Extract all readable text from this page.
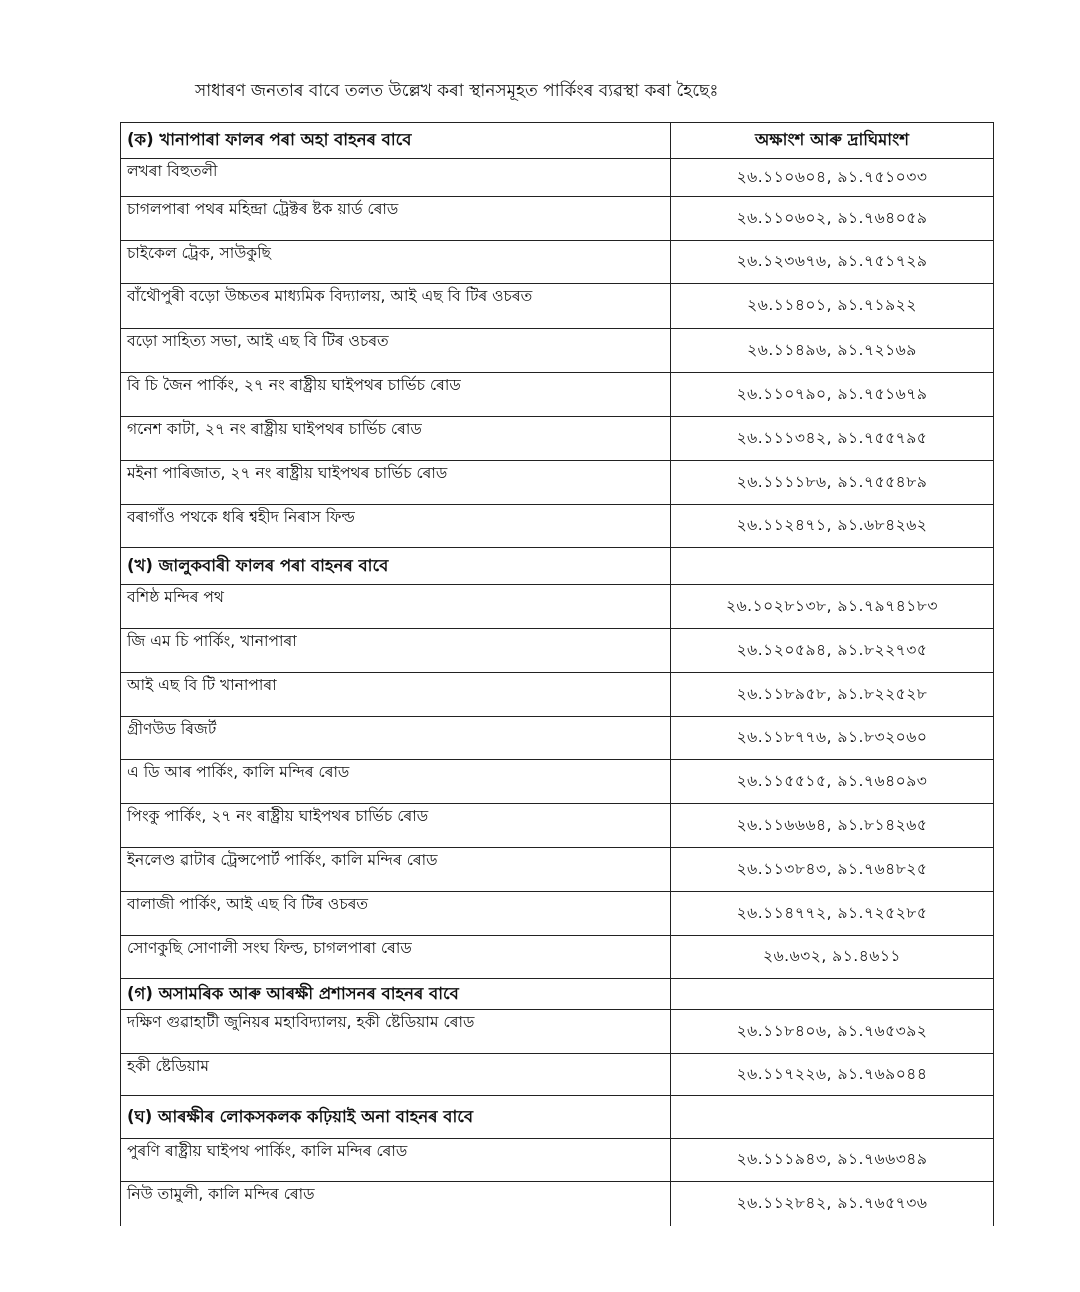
সাধাৰণ জনতাৰ বাবে তলত উল্লেখ কৰা স্থানসমূহত পাৰ্কিংৰ ব্যৱস্থা কৰা হৈছেঃ
(ক) খানাপাৰা ফালৰ পৰা অহা বাহনৰ বাবে	অক্ষাংশ আৰু দ্ৰাঘিমাংশ
লখৰা বিহুতলী	২৬.১১০৬০৪, ৯১.৭৫১০৩৩
চাগলপাৰা পথৰ মহিন্দ্ৰা ট্ৰেক্টৰ ষ্টক য়াৰ্ড ৰোড	২৬.১১০৬০২, ৯১.৭৬৪০৫৯
চাইকেল ট্ৰেক, সাউকুছি	২৬.১২৩৬৭৬, ৯১.৭৫১৭২৯
বাঁথৌপুৰী বড়ো উচ্চতৰ মাধ্যমিক বিদ্যালয়, আই এছ বি টিৰ ওচৰত	২৬.১১৪০১, ৯১.৭১৯২২
বড়ো সাহিত্য সভা, আই এছ বি টিৰ ওচৰত	২৬.১১৪৯৬, ৯১.৭২১৬৯
বি চি জৈন পাৰ্কিং, ২৭ নং ৰাষ্ট্ৰীয় ঘাইপথৰ চাৰ্ভিচ ৰোড	২৬.১১০৭৯০, ৯১.৭৫১৬৭৯
গনেশ কাটা, ২৭ নং ৰাষ্ট্ৰীয় ঘাইপথৰ চাৰ্ভিচ ৰোড	২৬.১১১৩৪২, ৯১.৭৫৫৭৯৫
মইনা পাৰিজাত, ২৭ নং ৰাষ্ট্ৰীয় ঘাইপথৰ চাৰ্ভিচ ৰোড	২৬.১১১১৮৬, ৯১.৭৫৫৪৮৯
বৰাগাঁও পথকে ধৰি শ্বহীদ নিৰাস ফিল্ড	২৬.১১২৪৭১, ৯১.৬৮৪২৬২
(খ) জালুকবাৰী ফালৰ পৰা বাহনৰ বাবে	
বশিষ্ঠ মন্দিৰ পথ	২৬.১০২৮১৩৮, ৯১.৭৯৭৪১৮৩
জি এম চি পাৰ্কিং, খানাপাৰা	২৬.১২০৫৯৪, ৯১.৮২২৭৩৫
আই এছ বি টি খানাপাৰা	২৬.১১৮৯৫৮, ৯১.৮২২৫২৮
গ্ৰীণউড ৰিজৰ্ট	২৬.১১৮৭৭৬, ৯১.৮৩২০৬০
এ ডি আৰ পাৰ্কিং, কালি মন্দিৰ ৰোড	২৬.১১৫৫১৫, ৯১.৭৬৪০৯৩
পিংকু পাৰ্কিং, ২৭ নং ৰাষ্ট্ৰীয় ঘাইপথৰ চাৰ্ভিচ ৰোড	২৬.১১৬৬৬৪, ৯১.৮১৪২৬৫
ইনলেণ্ড ৱাটাৰ ট্ৰেন্সপোৰ্ট পাৰ্কিং, কালি মন্দিৰ ৰোড	২৬.১১৩৮৪৩, ৯১.৭৬৪৮২৫
বালাজী পাৰ্কিং, আই এছ বি টিৰ ওচৰত	২৬.১১৪৭৭২, ৯১.৭২৫২৮৫
সোণকুছি সোণালী সংঘ ফিল্ড, চাগলপাৰা ৰোড	২৬.৬৩২, ৯১.৪৬১১
(গ) অসামৰিক আৰু আৰক্ষী প্ৰশাসনৰ বাহনৰ বাবে	
দক্ষিণ গুৱাহাটী জুনিয়ৰ মহাবিদ্যালয়, হকী ষ্টেডিয়াম ৰোড	২৬.১১৮৪০৬, ৯১.৭৬৫৩৯২
হকী ষ্টেডিয়াম	২৬.১১৭২২৬, ৯১.৭৬৯০৪৪
(ঘ) আৰক্ষীৰ লোকসকলক কঢ়িয়াই অনা বাহনৰ বাবে	
পুৰণি ৰাষ্ট্ৰীয় ঘাইপথ পাৰ্কিং, কালি মন্দিৰ ৰোড	২৬.১১১৯৪৩, ৯১.৭৬৬৩৪৯
নিউ তামুলী, কালি মন্দিৰ ৰোড	২৬.১১২৮৪২, ৯১.৭৬৫৭৩৬
